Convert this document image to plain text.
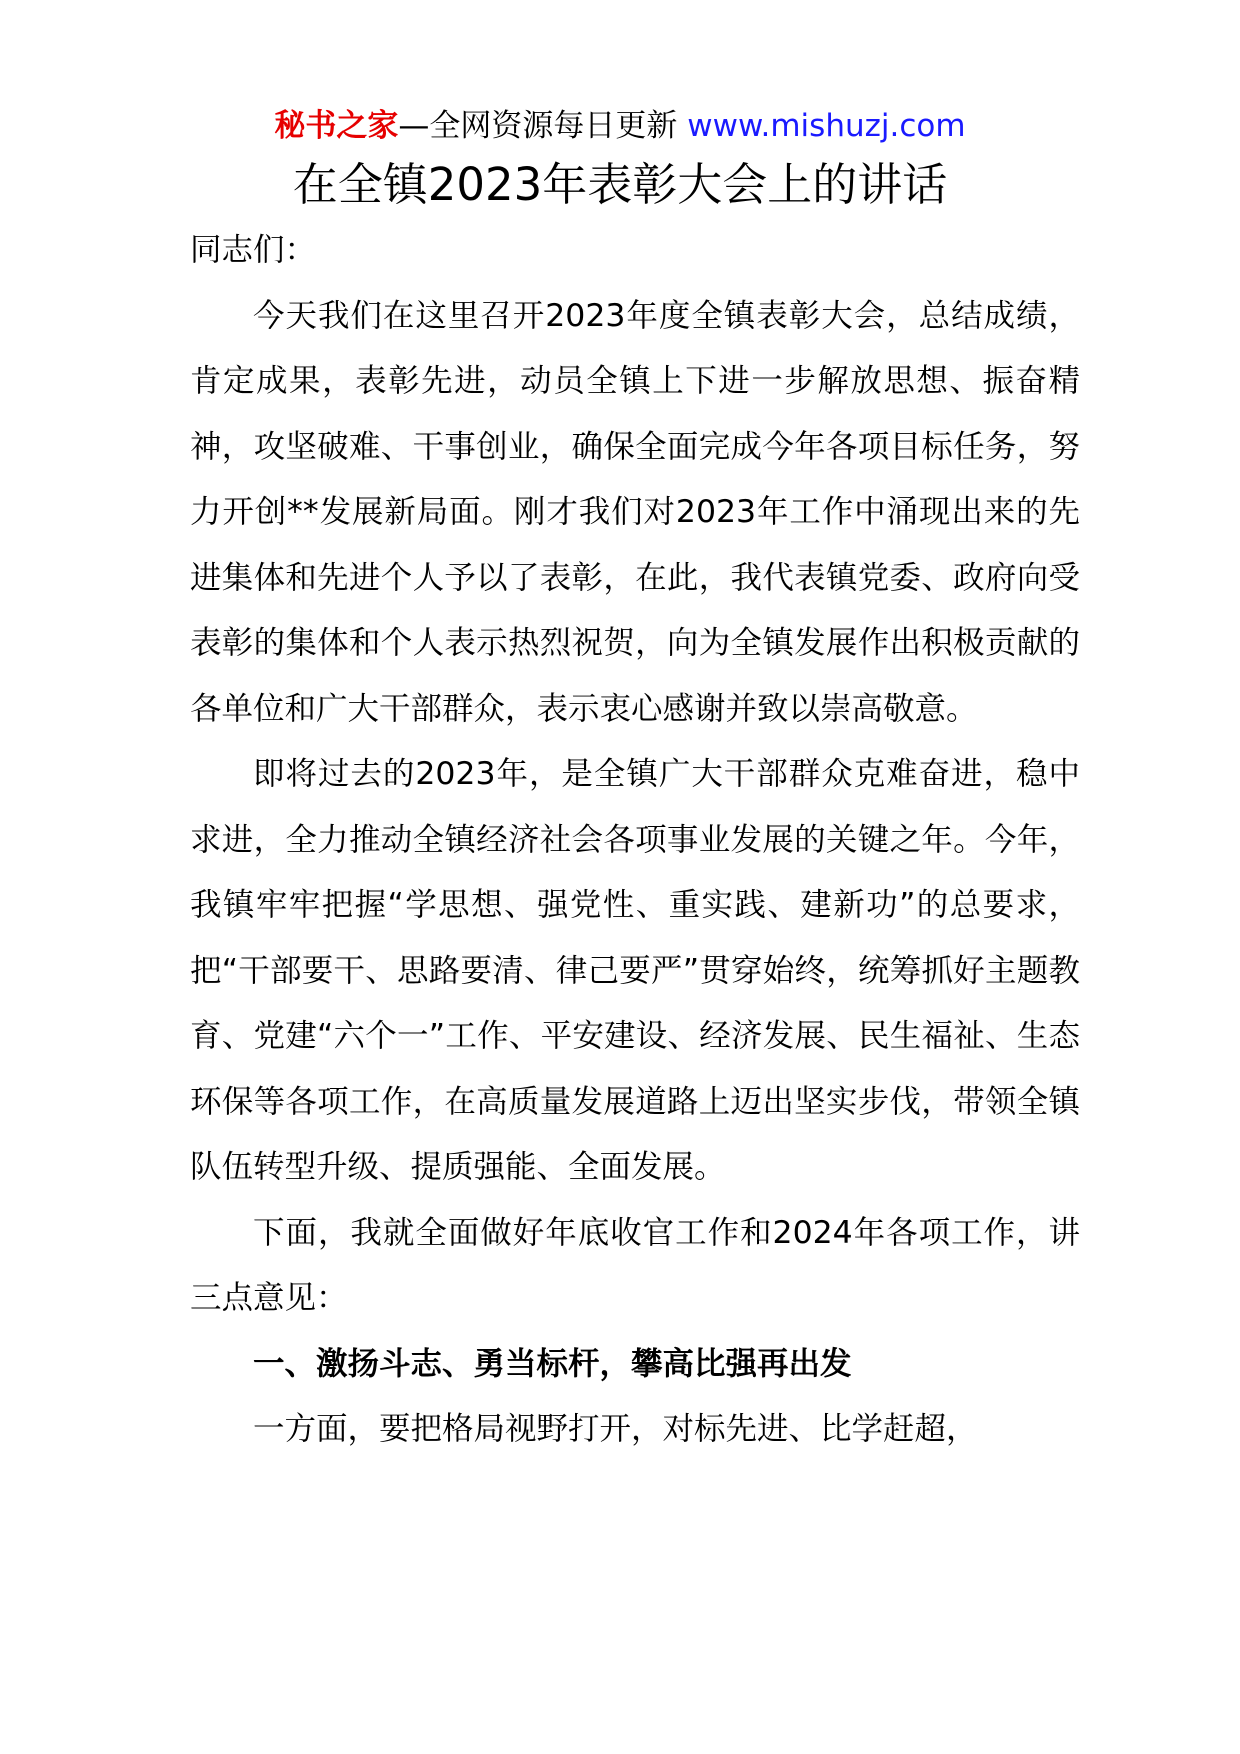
秘书之家—全网资源每日更新 www.mishuzj.com
在全镇2023年表彰大会上的讲话

同志们：

今天我们在这里召开2023年度全镇表彰大会，总结成绩，肯定成果，表彰先进，动员全镇上下进一步解放思想、振奋精神，攻坚破难、干事创业，确保全面完成今年各项目标任务，努力开创**发展新局面。刚才我们对2023年工作中涌现出来的先进集体和先进个人予以了表彰，在此，我代表镇党委、政府向受表彰的集体和个人表示热烈祝贺，向为全镇发展作出积极贡献的各单位和广大干部群众，表示衷心感谢并致以崇高敬意。

即将过去的2023年，是全镇广大干部群众克难奋进，稳中求进，全力推动全镇经济社会各项事业发展的关键之年。今年，我镇牢牢把握“学思想、强党性、重实践、建新功”的总要求，把“干部要干、思路要清、律己要严”贯穿始终，统筹抓好主题教育、党建“六个一”工作、平安建设、经济发展、民生福祉、生态环保等各项工作，在高质量发展道路上迈出坚实步伐，带领全镇队伍转型升级、提质强能、全面发展。

下面，我就全面做好年底收官工作和2024年各项工作，讲三点意见：

一、激扬斗志、勇当标杆，攀高比强再出发

一方面，要把格局视野打开，对标先进、比学赶超，
